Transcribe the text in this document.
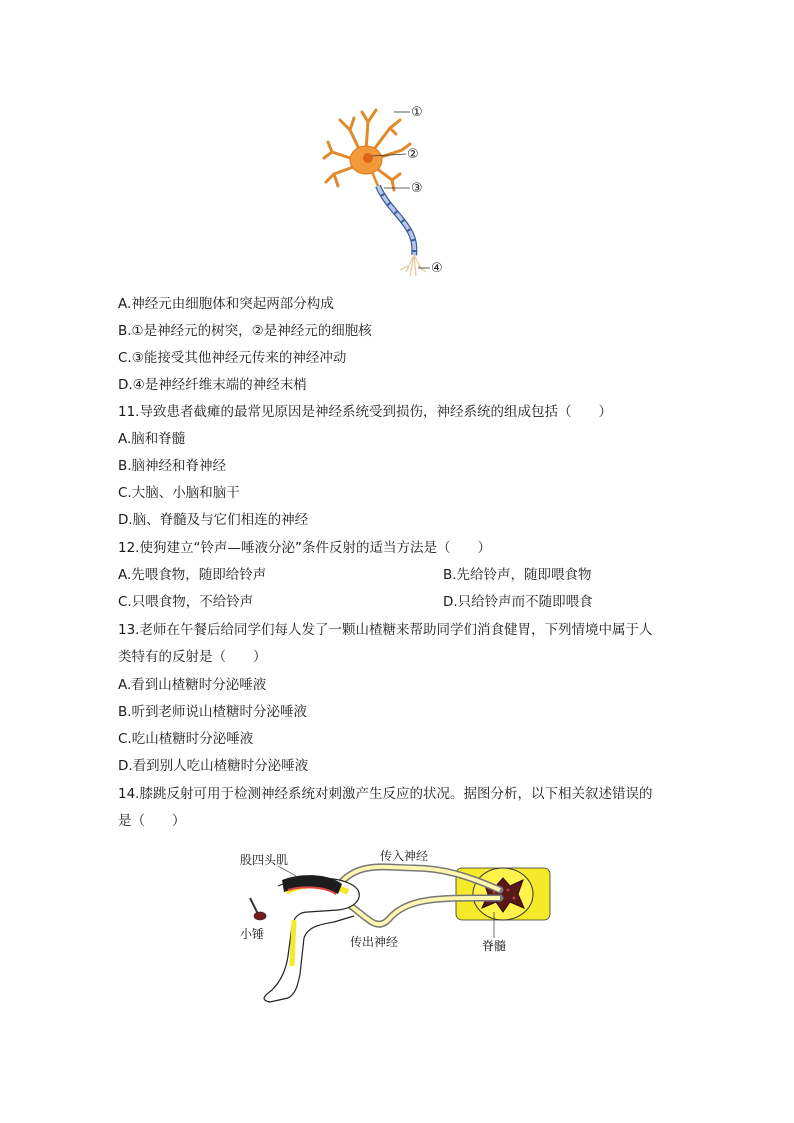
①
②
③
④
A.神经元由细胞体和突起两部分构成
B.①是神经元的树突，②是神经元的细胞核
C.③能接受其他神经元传来的神经冲动
D.④是神经纤维末端的神经末梢
11.导致患者截瘫的最常见原因是神经系统受到损伤，神经系统的组成包括（　　）
A.脑和脊髓
B.脑神经和脊神经
C.大脑、小脑和脑干
D.脑、脊髓及与它们相连的神经
12.使狗建立“铃声—唾液分泌”条件反射的适当方法是（　　）
A.先喂食物，随即给铃声	B.先给铃声，随即喂食物
C.只喂食物，不给铃声	D.只给铃声而不随即喂食
13.老师在午餐后给同学们每人发了一颗山楂糖来帮助同学们消食健胃，下列情境中属于人
类特有的反射是（　　）
A.看到山楂糖时分泌唾液
B.听到老师说山楂糖时分泌唾液
C.吃山楂糖时分泌唾液
D.看到别人吃山楂糖时分泌唾液
14.膝跳反射可用于检测神经系统对刺激产生反应的状况。据图分析，以下相关叙述错误的
是（　　）
股四头肌	传入神经
小锤
传出神经	脊髓
